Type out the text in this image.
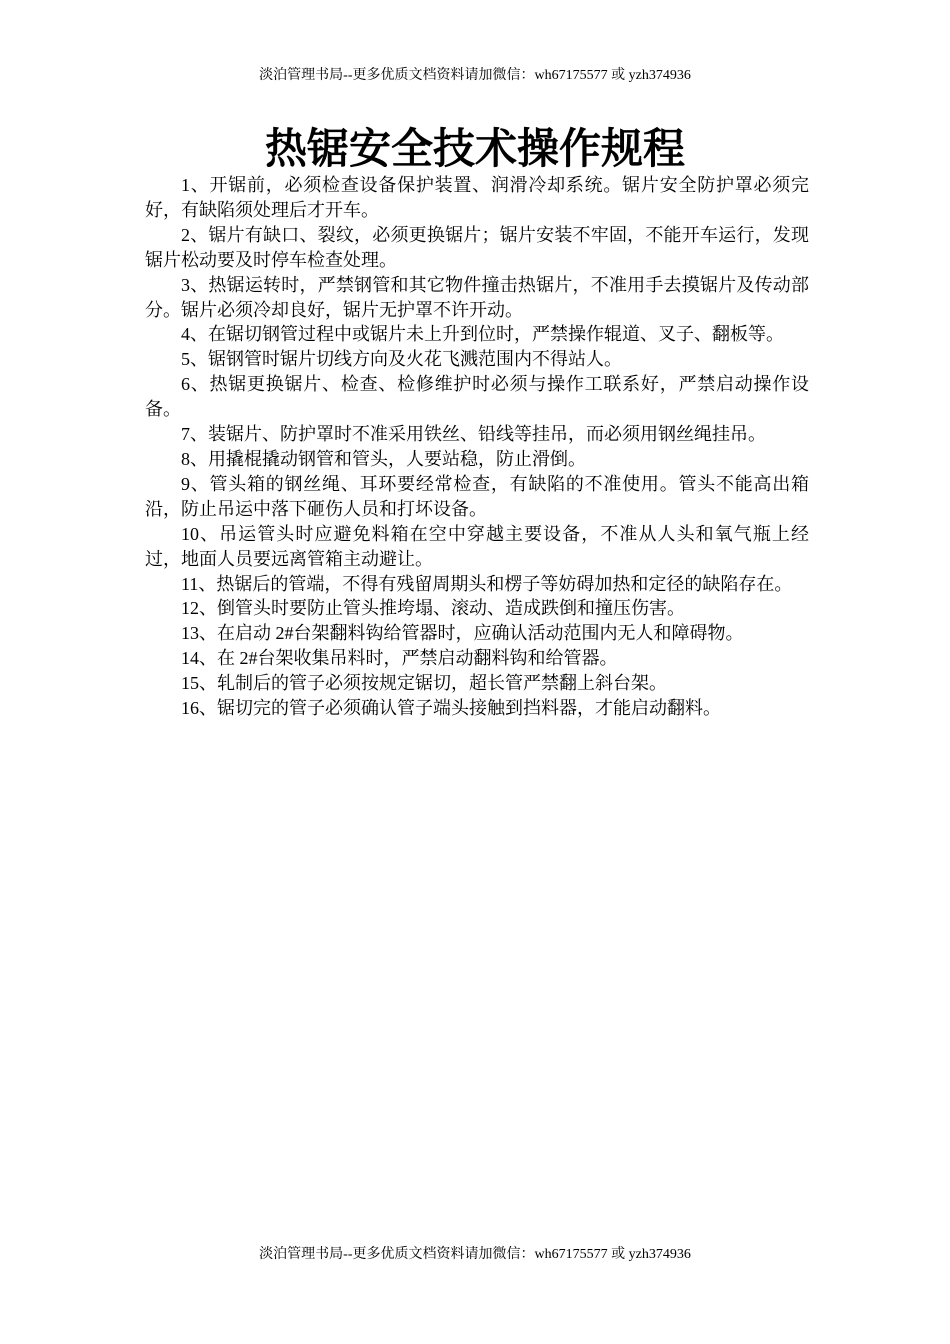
淡泊管理书局--更多优质文档资料请加微信：wh67175577 或 yzh374936
热锯安全技术操作规程

1、开锯前，必须检查设备保护装置、润滑冷却系统。锯片安全防护罩必须完好，有缺陷须处理后才开车。

2、锯片有缺口、裂纹，必须更换锯片；锯片安装不牢固，不能开车运行，发现锯片松动要及时停车检查处理。

3、热锯运转时，严禁钢管和其它物件撞击热锯片，不准用手去摸锯片及传动部分。锯片必须冷却良好，锯片无护罩不许开动。

4、在锯切钢管过程中或锯片未上升到位时，严禁操作辊道、叉子、翻板等。

5、锯钢管时锯片切线方向及火花飞溅范围内不得站人。

6、热锯更换锯片、检查、检修维护时必须与操作工联系好，严禁启动操作设备。

7、装锯片、防护罩时不准采用铁丝、铅线等挂吊，而必须用钢丝绳挂吊。

8、用撬棍撬动钢管和管头，人要站稳，防止滑倒。

9、管头箱的钢丝绳、耳环要经常检查，有缺陷的不准使用。管头不能高出箱沿，防止吊运中落下砸伤人员和打坏设备。

10、吊运管头时应避免料箱在空中穿越主要设备，不准从人头和氧气瓶上经过，地面人员要远离管箱主动避让。

11、热锯后的管端，不得有残留周期头和楞子等妨碍加热和定径的缺陷存在。

12、倒管头时要防止管头推垮塌、滚动、造成跌倒和撞压伤害。

13、在启动 2#台架翻料钩给管器时，应确认活动范围内无人和障碍物。

14、在 2#台架收集吊料时，严禁启动翻料钩和给管器。

15、轧制后的管子必须按规定锯切，超长管严禁翻上斜台架。

16、锯切完的管子必须确认管子端头接触到挡料器，才能启动翻料。

淡泊管理书局--更多优质文档资料请加微信：wh67175577 或 yzh374936
